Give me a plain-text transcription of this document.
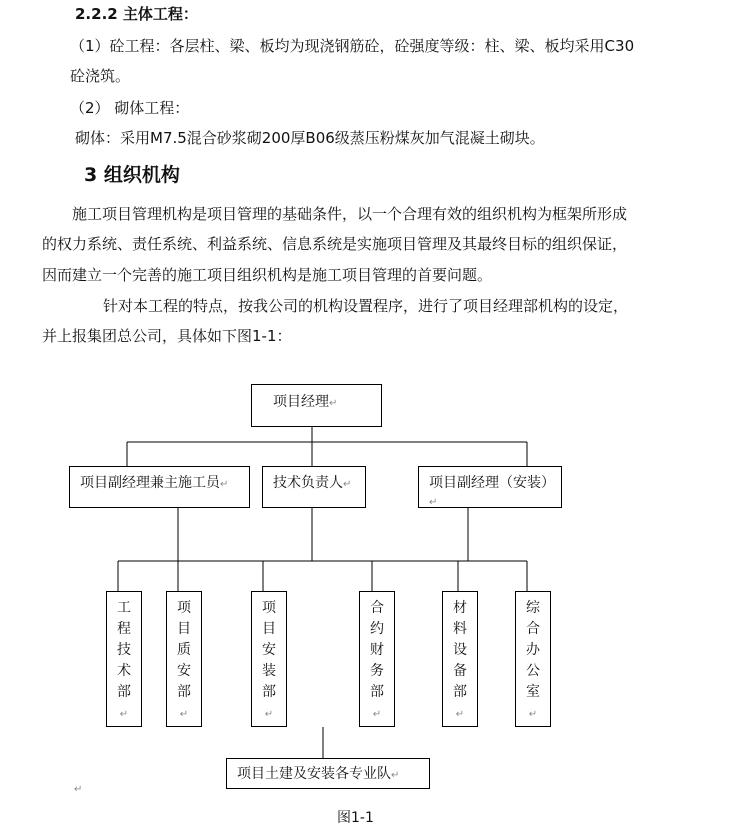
2.2.2 主体工程：
（1）砼工程：各层柱、梁、板均为现浇钢筋砼，砼强度等级：柱、梁、板均采用C30
砼浇筑。
（2） 砌体工程：
砌体：采用M7.5混合砂浆砌200厚B06级蒸压粉煤灰加气混凝土砌块。
3 组织机构
施工项目管理机构是项目管理的基础条件，以一个合理有效的组织机构为框架所形成
的权力系统、责任系统、利益系统、信息系统是实施项目管理及其最终目标的组织保证，
因而建立一个完善的施工项目组织机构是施工项目管理的首要问题。
针对本工程的特点，按我公司的机构设置程序，进行了项目经理部机构的设定，
并上报集团总公司，具体如下图1-1：
项目经理↵
项目副经理兼主施工员↵	技术负责人↵	项目副经理（安装）↵
工程技术部↵
项目质安部↵
项目安装部↵
合约财务部↵
材料设备部↵
综合办公室↵
项目土建及安装各专业队↵
↵
图1-1
